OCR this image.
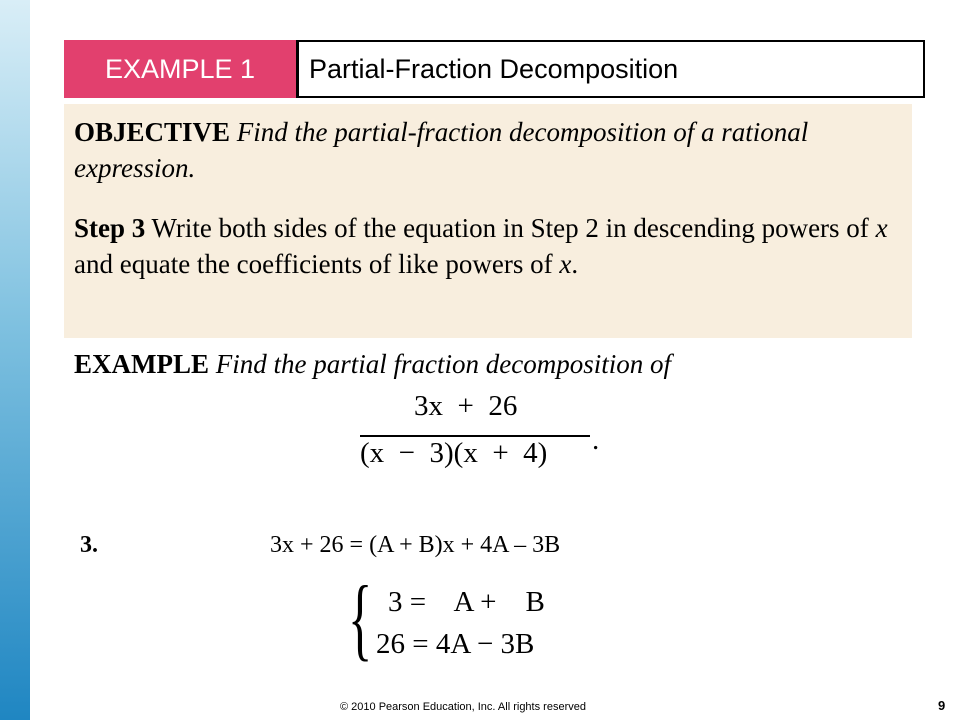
EXAMPLE 1 Partial-Fraction Decomposition
OBJECTIVE Find the partial-fraction decomposition of a rational expression.
Step 3 Write both sides of the equation in Step 2 in descending powers of x and equate the coefficients of like powers of x.
EXAMPLE Find the partial fraction decomposition of
3x  +  26
(x  −  3)(x  +  4) .
3.	3x + 26 = (A + B)x + 4A – 3B
{ 3 =    A +    B
26 = 4A − 3B
© 2010 Pearson Education, Inc. All rights reserved	9
